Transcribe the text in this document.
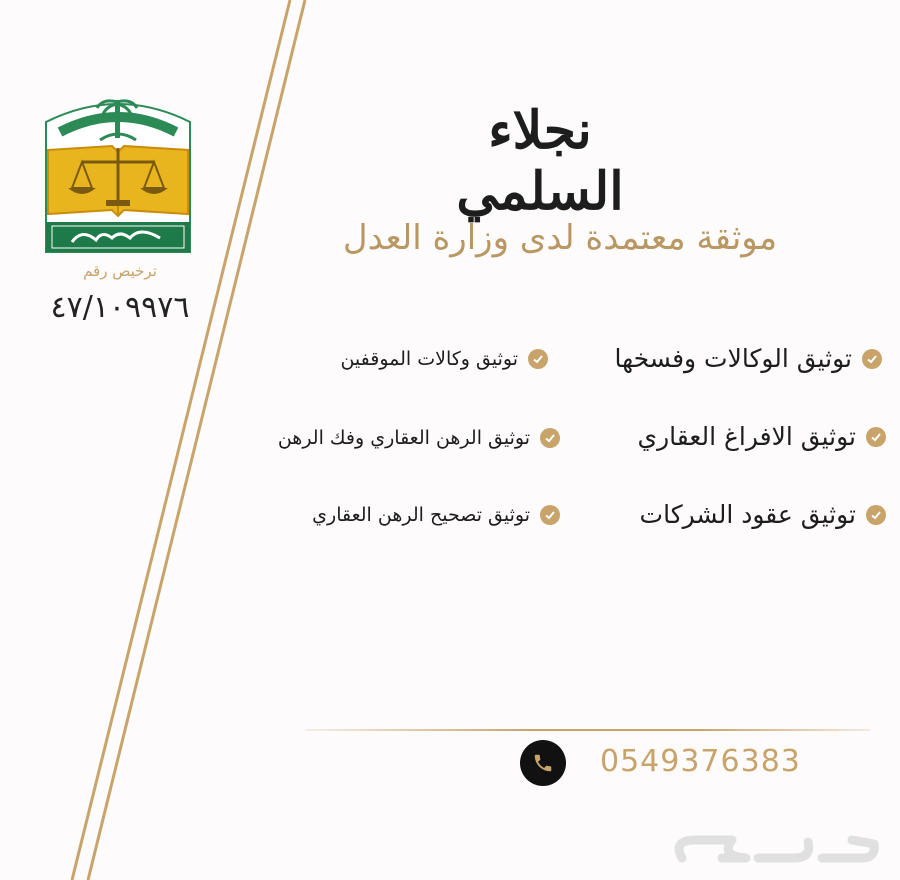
ترخيص رقم
٤٧/١٠٩٩٧٦
نجلاء السلمي
موثقة معتمدة لدى وزارة العدل
توثيق الوكالات وفسخها
توثيق الافراغ العقاري
توثيق عقود الشركات
توثيق وكالات الموقفين
توثيق الرهن العقاري وفك الرهن
توثيق تصحيح الرهن العقاري
0549376383
